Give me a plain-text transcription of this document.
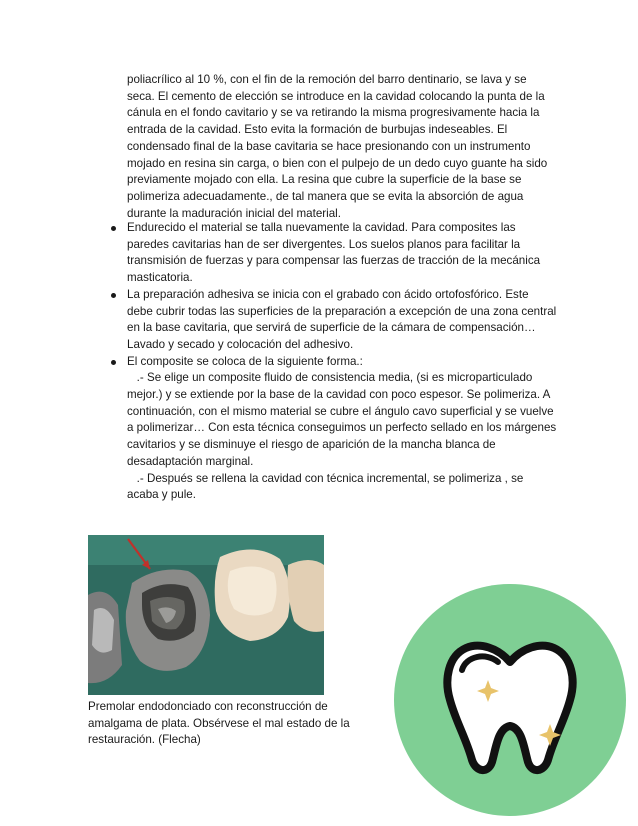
poliacrílico al 10 %, con el fin de la remoción del barro dentinario, se lava y se seca. El cemento de elección se introduce en la cavidad colocando la punta de la cánula en el fondo cavitario y se va retirando la misma progresivamente hacia la entrada de la cavidad. Esto evita la formación de burbujas indeseables. El condensado final de la base cavitaria se hace presionando con un instrumento mojado en resina sin carga, o bien con el pulpejo de un dedo cuyo guante ha sido previamente mojado con ella. La resina que cubre la superficie de la base se polimeriza adecuadamente., de tal manera que se evita la absorción de agua durante la maduración inicial del material.

Endurecido el material se talla nuevamente la cavidad. Para composites las paredes cavitarias han de ser divergentes. Los suelos planos para facilitar la transmisión de fuerzas y para compensar las fuerzas de tracción de la mecánica masticatoria.
La preparación adhesiva se inicia con el grabado con ácido ortofosfórico. Este debe cubrir todas las superficies de la preparación a excepción de una zona central en la base cavitaria, que servirá de superficie de la cámara de compensación… Lavado y secado y colocación del adhesivo.
El composite se coloca de la siguiente forma.:
.- Se elige un composite fluido de consistencia media, (si es microparticulado mejor.) y se extiende por la base de la cavidad con poco espesor. Se polimeriza. A continuación, con el mismo material se cubre el ángulo cavo superficial y se vuelve a polimerizar… Con esta técnica conseguimos un perfecto sellado en los márgenes cavitarios y se disminuye el riesgo de aparición de la mancha blanca de desadaptación marginal.
.- Después se rellena la cavidad con técnica incremental, se polimeriza , se acaba y pule.

Premolar endodonciado con reconstrucción de amalgama de plata. Obsérvese el mal estado de la restauración. (Flecha)
